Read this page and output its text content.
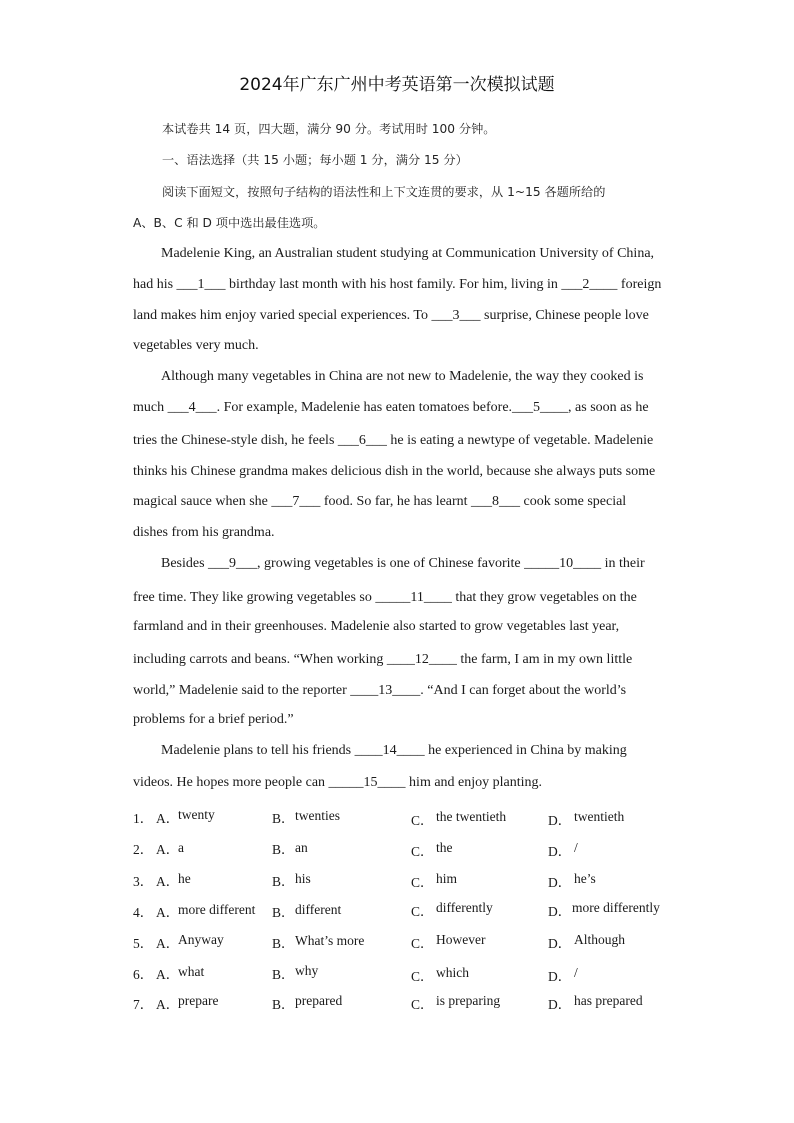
2024年广东广州中考英语第一次模拟试题
本试卷共 14 页，四大题，满分 90 分。考试用时 100 分钟。
一、语法选择（共 15 小题；每小题 1 分，满分 15 分）
阅读下面短文，按照句子结构的语法性和上下文连贯的要求，从 1~15 各题所给的
A、B、C 和 D 项中选出最佳选项。
Madelenie King, an Australian student studying at Communication University of China,
had his ___1___ birthday last month with his host family. For him, living in ___2____ foreign
land makes him enjoy varied special experiences. To ___3___ surprise, Chinese people love
vegetables very much.
Although many vegetables in China are not new to Madelenie, the way they cooked is
much ___4___. For example, Madelenie has eaten tomatoes before.___5____, as soon as he
tries the Chinese-style dish, he feels ___6___ he is eating a newtype of vegetable. Madelenie
thinks his Chinese grandma makes delicious dish in the world, because she always puts some
magical sauce when she ___7___ food. So far, he has learnt ___8___ cook some special
dishes from his grandma.
Besides ___9___, growing vegetables is one of Chinese favorite _____10____ in their
free time. They like growing vegetables so _____11____ that they grow vegetables on the
farmland and in their greenhouses. Madelenie also started to grow vegetables last year,
including carrots and beans. “When working ____12____ the farm, I am in my own little
world,” Madelenie said to the reporter ____13____. “And I can forget about the world’s
problems for a brief period.”
Madelenie plans to tell his friends ____14____ he experienced in China by making
videos. He hopes more people can _____15____ him and enjoy planting.
1． A．
twenty	B． twenties	C． the twentieth	D． twentieth
2． A．
a	B． an	C． the	D． /
3． A．
he	B． his	C． him	D． he’s
4． A．
more different B． different	C． differently	D． more differently
5． A．
Anyway	B． What’s more	C． However	D． Although
6． A．
what	B． why	C． which	D． /
7． A．
prepare	B． prepared	C． is preparing	D． has prepared
